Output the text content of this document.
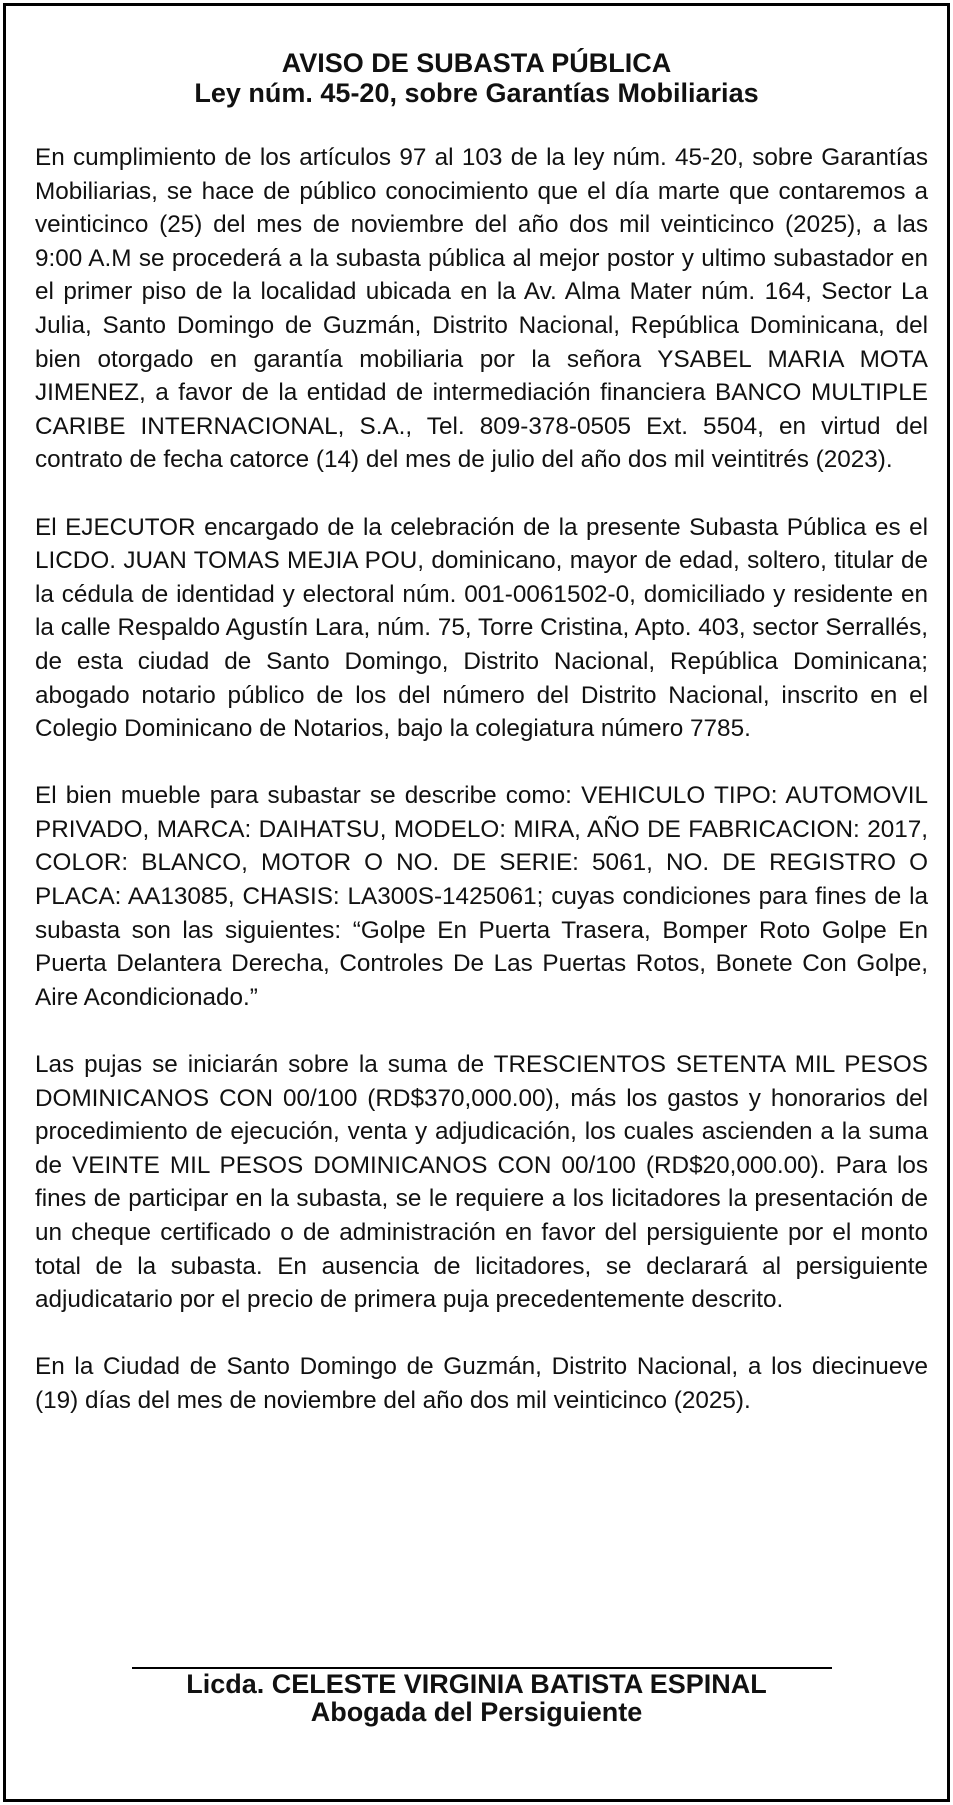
AVISO DE SUBASTA PÚBLICA
Ley núm. 45-20, sobre Garantías Mobiliarias

En cumplimiento de los artículos 97 al 103 de la ley núm. 45-20, sobre Garantías Mobiliarias, se hace de público conocimiento que el día marte que contaremos a veinticinco (25) del mes de noviembre del año dos mil veinticinco (2025), a las 9:00 A.M se procederá a la subasta pública al mejor postor y ultimo subastador en el primer piso de la localidad ubicada en la Av. Alma Mater núm. 164, Sector La Julia, Santo Domingo de Guzmán, Distrito Nacional, República Dominicana, del bien otorgado en garantía mobiliaria por la señora YSABEL MARIA MOTA JIMENEZ, a favor de la entidad de intermediación financiera BANCO MULTIPLE CARIBE INTERNACIONAL, S.A., Tel. 809-378-0505 Ext. 5504, en virtud del contrato de fecha catorce (14) del mes de julio del año dos mil veintitrés (2023).

El EJECUTOR encargado de la celebración de la presente Subasta Pública es el LICDO. JUAN TOMAS MEJIA POU, dominicano, mayor de edad, soltero, titular de la cédula de identidad y electoral núm. 001-0061502-0, domiciliado y residente en la calle Respaldo Agustín Lara, núm. 75, Torre Cristina, Apto. 403, sector Serrallés, de esta ciudad de Santo Domingo, Distrito Nacional, República Dominicana; abogado notario público de los del número del Distrito Nacional, inscrito en el Colegio Dominicano de Notarios, bajo la colegiatura número 7785.

El bien mueble para subastar se describe como: VEHICULO TIPO: AUTOMOVIL PRIVADO, MARCA: DAIHATSU, MODELO: MIRA, AÑO DE FABRICACION: 2017, COLOR: BLANCO, MOTOR O NO. DE SERIE: 5061, NO. DE REGISTRO O PLACA: AA13085, CHASIS: LA300S-1425061; cuyas condiciones para fines de la subasta son las siguientes: “Golpe En Puerta Trasera, Bomper Roto Golpe En Puerta Delantera Derecha, Controles De Las Puertas Rotos, Bonete Con Golpe, Aire Acondicionado.”

Las pujas se iniciarán sobre la suma de TRESCIENTOS SETENTA MIL PESOS DOMINICANOS CON 00/100 (RD$370,000.00), más los gastos y honorarios del procedimiento de ejecución, venta y adjudicación, los cuales ascienden a la suma de VEINTE MIL PESOS DOMINICANOS CON 00/100 (RD$20,000.00). Para los fines de participar en la subasta, se le requiere a los licitadores la presentación de un cheque certificado o de administración en favor del persiguiente por el monto total de la subasta. En ausencia de licitadores, se declarará al persiguiente adjudicatario por el precio de primera puja precedentemente descrito.

En la Ciudad de Santo Domingo de Guzmán, Distrito Nacional, a los diecinueve (19) días del mes de noviembre del año dos mil veinticinco (2025).

Licda. CELESTE VIRGINIA BATISTA ESPINAL
Abogada del Persiguiente
